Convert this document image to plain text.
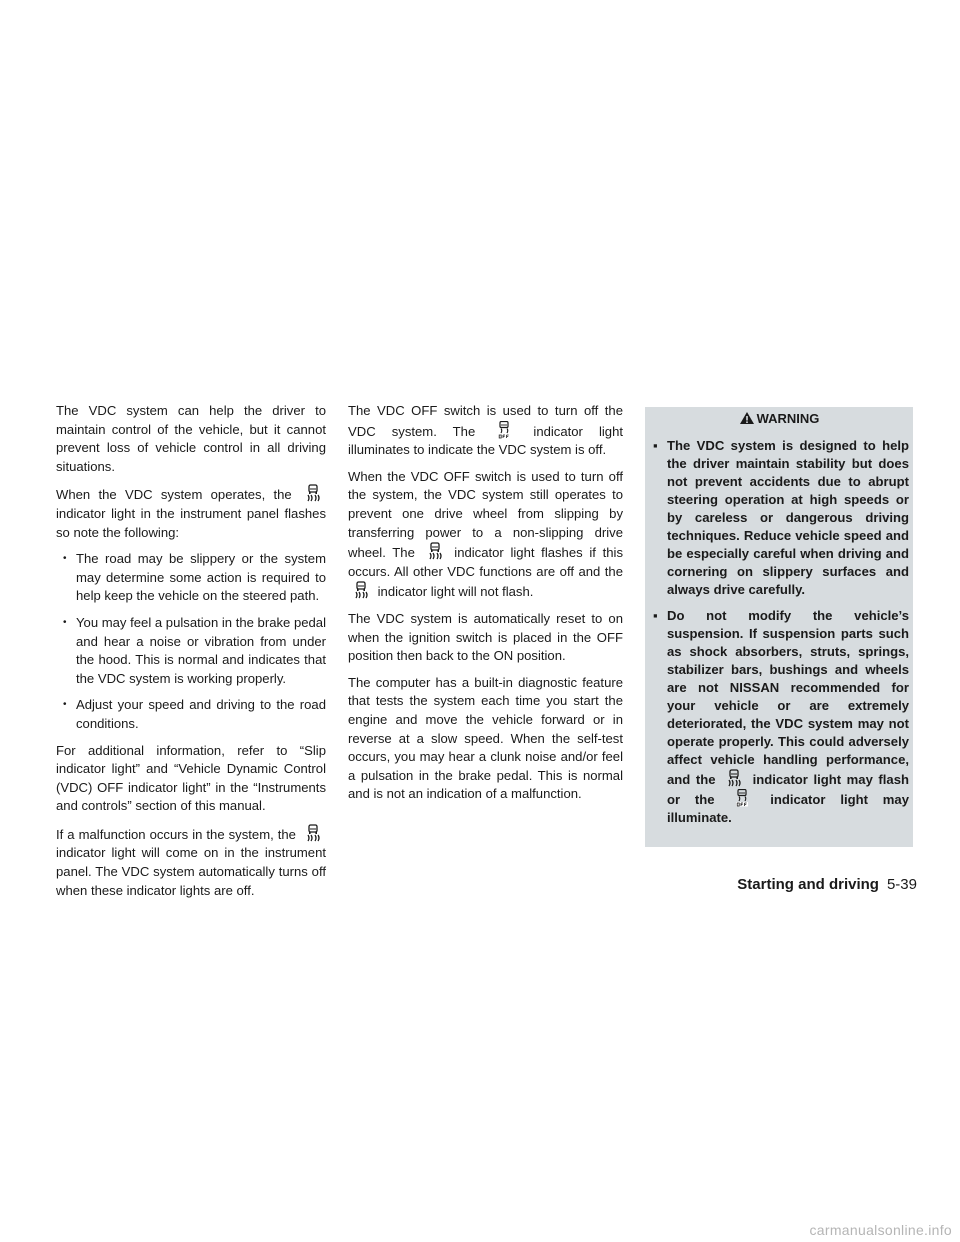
The VDC system can help the driver to maintain control of the vehicle, but it cannot prevent loss of vehicle control in all driving situations.

When the VDC system operates, the
indicator light in the instrument panel flashes so note the following:

• The road may be slippery or the system may determine some action is required to help keep the vehicle on the steered path.
• You may feel a pulsation in the brake pedal and hear a noise or vibration from under the hood. This is normal and indicates that the VDC system is working properly.
• Adjust your speed and driving to the road conditions.

For additional information, refer to “Slip indicator light” and “Vehicle Dynamic Control (VDC) OFF indicator light” in the “Instruments and controls” section of this manual.

If a malfunction occurs in the system, the
indicator light will come on in the instrument panel. The VDC system automatically turns off when these indicator lights are off.

The VDC OFF switch is used to turn off the VDC system. The	indicator light illuminates to indicate the VDC system is off.

When the VDC OFF switch is used to turn off the system, the VDC system still operates to prevent one drive wheel from slipping by transferring power to a non-slipping drive wheel. The	indicator light flashes if this occurs. All other VDC functions are off and the
indicator light will not flash.

The VDC system is automatically reset to on when the ignition switch is placed in the OFF position then back to the ON position.

The computer has a built-in diagnostic feature that tests the system each time you start the engine and move the vehicle forward or in reverse at a slow speed. When the self-test occurs, you may hear a clunk noise and/or feel a pulsation in the brake pedal. This is normal and is not an indication of a malfunction.

WARNING
▪ The VDC system is designed to help the driver maintain stability but does not prevent accidents due to abrupt steering operation at high speeds or by careless or dangerous driving techniques. Reduce vehicle speed and be especially careful when driving and cornering on slippery surfaces and always drive carefully.
▪ Do not modify the vehicle’s suspension. If suspension parts such as shock absorbers, struts, springs, stabilizer bars, bushings and wheels are not NISSAN recommended for your vehicle or are extremely deteriorated, the VDC system may not operate properly. This could adversely affect vehicle handling performance, and the	indicator light may flash or the	indicator light may illuminate.
Starting and driving 5-39
carmanualsonline.info
